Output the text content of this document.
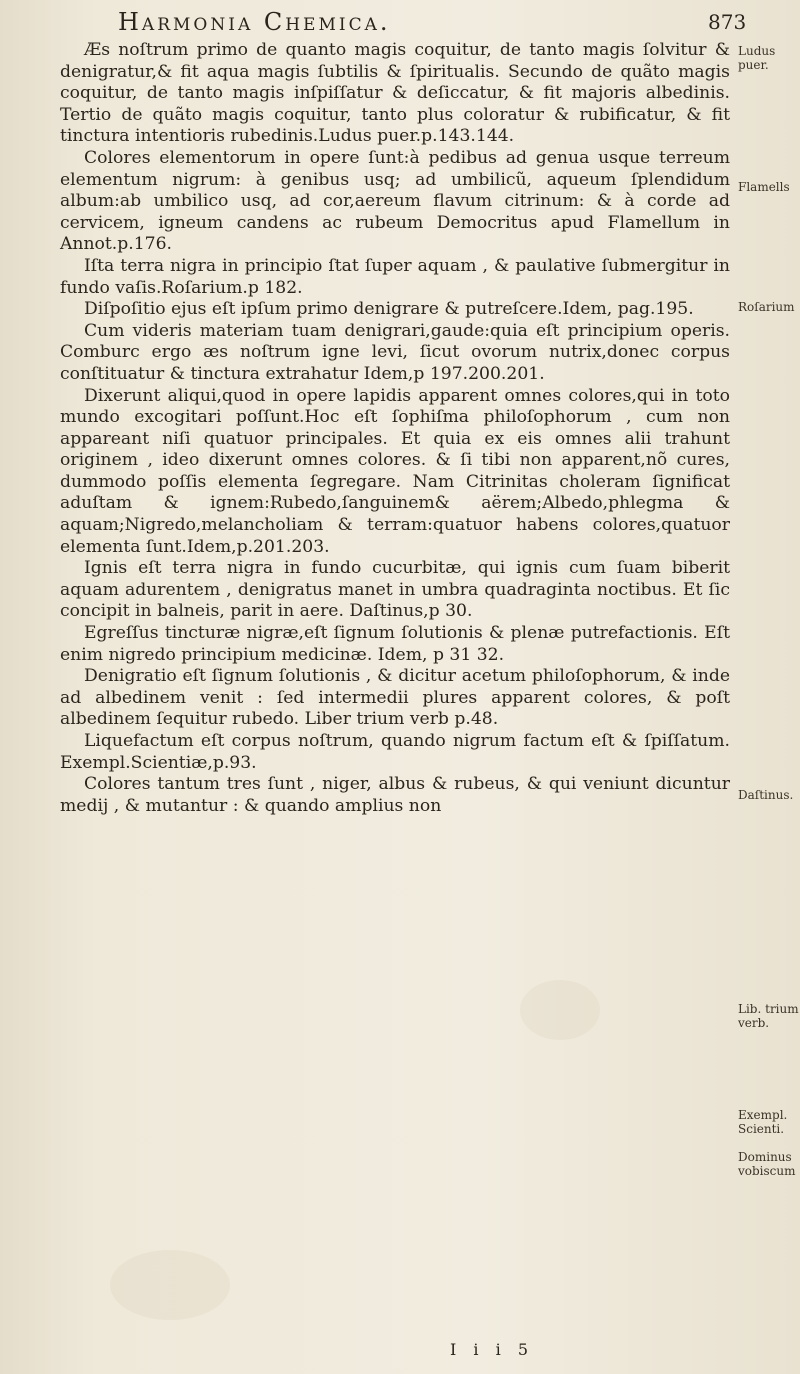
Harmonia Chemica.	873

Æs noſtrum primo de quanto magis coquitur, de tanto magis ſolvitur & denigratur,& fit aqua magis ſubtilis & ſpiritualis. Secundo de quãto magis coquitur, de tanto magis inſpiſſatur & deſiccatur, & fit majoris albedinis. Tertio de quãto magis coquitur, tanto plus coloratur & rubificatur, & fit tinctura intentioris rubedinis.Ludus puer.p.143.144.

Colores elementorum in opere ſunt:à pedibus ad genua usque terreum elementum nigrum: à genibus usq; ad umbilicũ, aqueum ſplendidum album:ab umbilico usq, ad cor,aereum flavum citrinum: & à corde ad cervicem, igneum candens ac rubeum Democritus apud Flamellum in Annot.p.176.

Iſta terra nigra in principio ſtat ſuper aquam , & paulative ſubmergitur in fundo vaſis.Roſarium.p 182.

Diſpoſitio ejus eſt ipſum primo denigrare & putreſcere.Idem, pag.195.

Cum videris materiam tuam denigrari,gaude:quia eſt principium operis. Comburc ergo æs noſtrum igne levi, ſicut ovorum nutrix,donec corpus conſtituatur & tinctura extrahatur Idem,p 197.200.201.

Dixerunt aliqui,quod in opere lapidis apparent omnes colores,qui in toto mundo excogitari poſſunt.Hoc eſt ſophiſma philoſophorum , cum non appareant niſi quatuor principales. Et quia ex eis omnes alii trahunt originem , ideo dixerunt omnes colores. & ſi tibi non apparent,nõ cures, dummodo poſſis elementa ſegregare. Nam Citrinitas choleram ſignificat aduſtam & ignem:Rubedo,ſanguinem& aërem;Albedo,phlegma & aquam;Nigredo,melancholiam & terram:quatuor habens colores,quatuor elementa ſunt.Idem,p.201.203.

Ignis eſt terra nigra in fundo cucurbitæ, qui ignis cum ſuam biberit aquam adurentem , denigratus manet in umbra quadraginta noctibus. Et ſic concipit in balneis, parit in aere. Daſtinus,p 30.

Egreſſus tincturæ nigræ,eſt ſignum ſolutionis & plenæ putrefactionis. Eſt enim nigredo principium medicinæ. Idem, p 31 32.

Denigratio eſt ſignum ſolutionis , & dicitur acetum philoſophorum, & inde ad albedinem venit : ſed intermedii plures apparent colores, & poſt albedinem ſequitur rubedo. Liber trium verb p.48.

Liquefactum eſt corpus noſtrum, quando nigrum factum eſt & ſpiſſatum. Exempl.Scientiæ,p.93.

Colores tantum tres ſunt , niger, albus & rubeus, & qui veniunt dicuntur medij , & mutantur : & quando amplius non

Ludus puer.
Flamells
Roſarium
Daſtinus.
Lib. trium verb.
Exempl. Scienti.
Dominus vobiscum
I i i 5
